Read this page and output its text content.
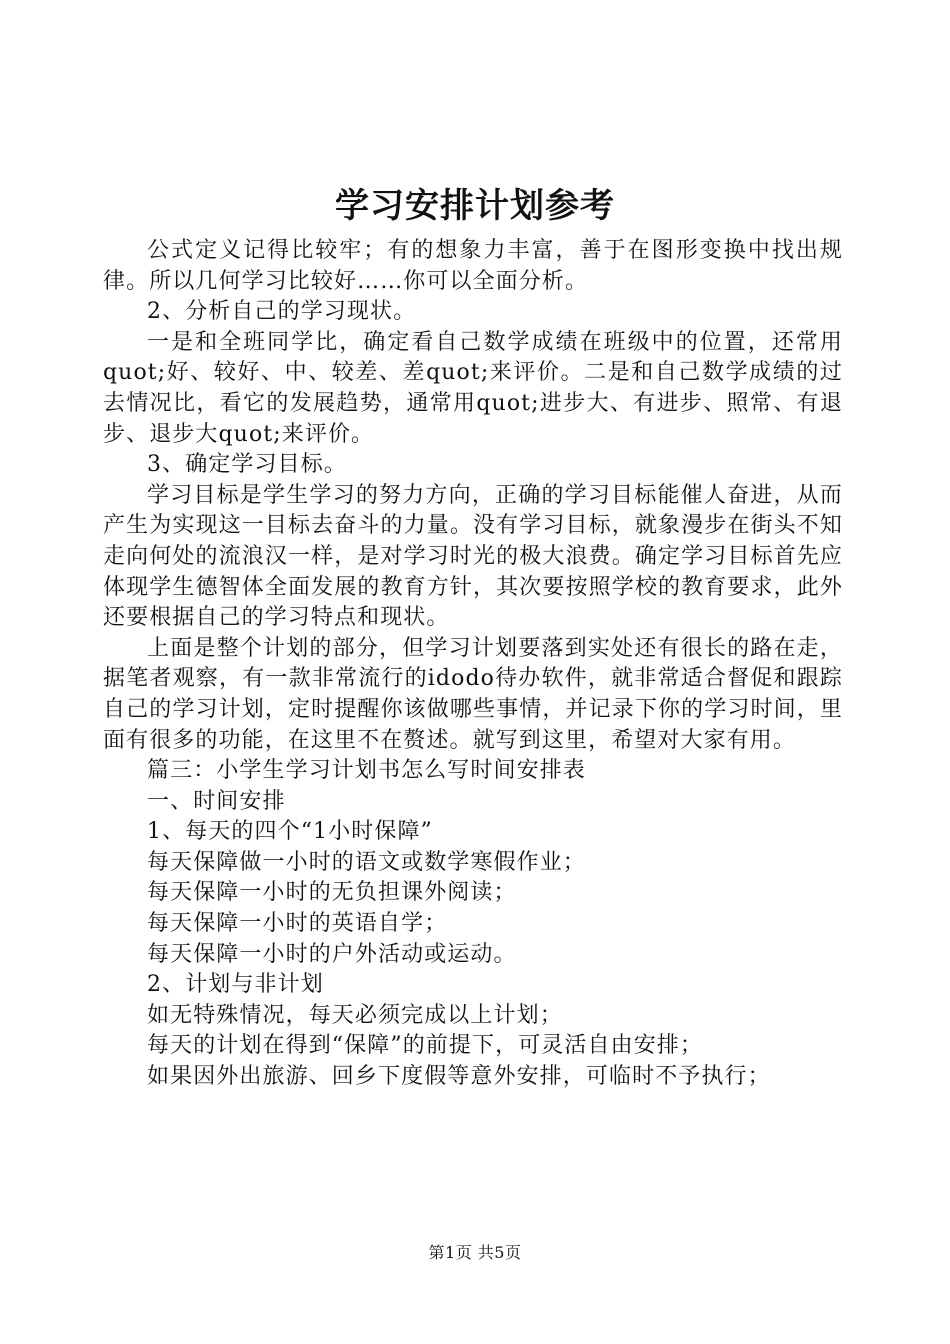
学习安排计划参考

公式定义记得比较牢；有的想象力丰富，善于在图形变换中找出规律。所以几何学习比较好……你可以全面分析。

2、分析自己的学习现状。

一是和全班同学比，确定看自己数学成绩在班级中的位置，还常用quot;好、较好、中、较差、差quot;来评价。二是和自己数学成绩的过去情况比，看它的发展趋势，通常用quot;进步大、有进步、照常、有退步、退步大quot;来评价。

3、确定学习目标。

学习目标是学生学习的努力方向，正确的学习目标能催人奋进，从而产生为实现这一目标去奋斗的力量。没有学习目标，就象漫步在街头不知走向何处的流浪汉一样，是对学习时光的极大浪费。确定学习目标首先应体现学生德智体全面发展的教育方针，其次要按照学校的教育要求，此外还要根据自己的学习特点和现状。

上面是整个计划的部分，但学习计划要落到实处还有很长的路在走，据笔者观察，有一款非常流行的idodo待办软件，就非常适合督促和跟踪自己的学习计划，定时提醒你该做哪些事情，并记录下你的学习时间，里面有很多的功能，在这里不在赘述。就写到这里，希望对大家有用。

篇三：小学生学习计划书怎么写时间安排表

一、时间安排

1、每天的四个“1小时保障”

每天保障做一小时的语文或数学寒假作业；

每天保障一小时的无负担课外阅读；

每天保障一小时的英语自学；

每天保障一小时的户外活动或运动。

2、计划与非计划

如无特殊情况，每天必须完成以上计划；

每天的计划在得到“保障”的前提下，可灵活自由安排；

如果因外出旅游、回乡下度假等意外安排，可临时不予执行；

第1页 共5页
